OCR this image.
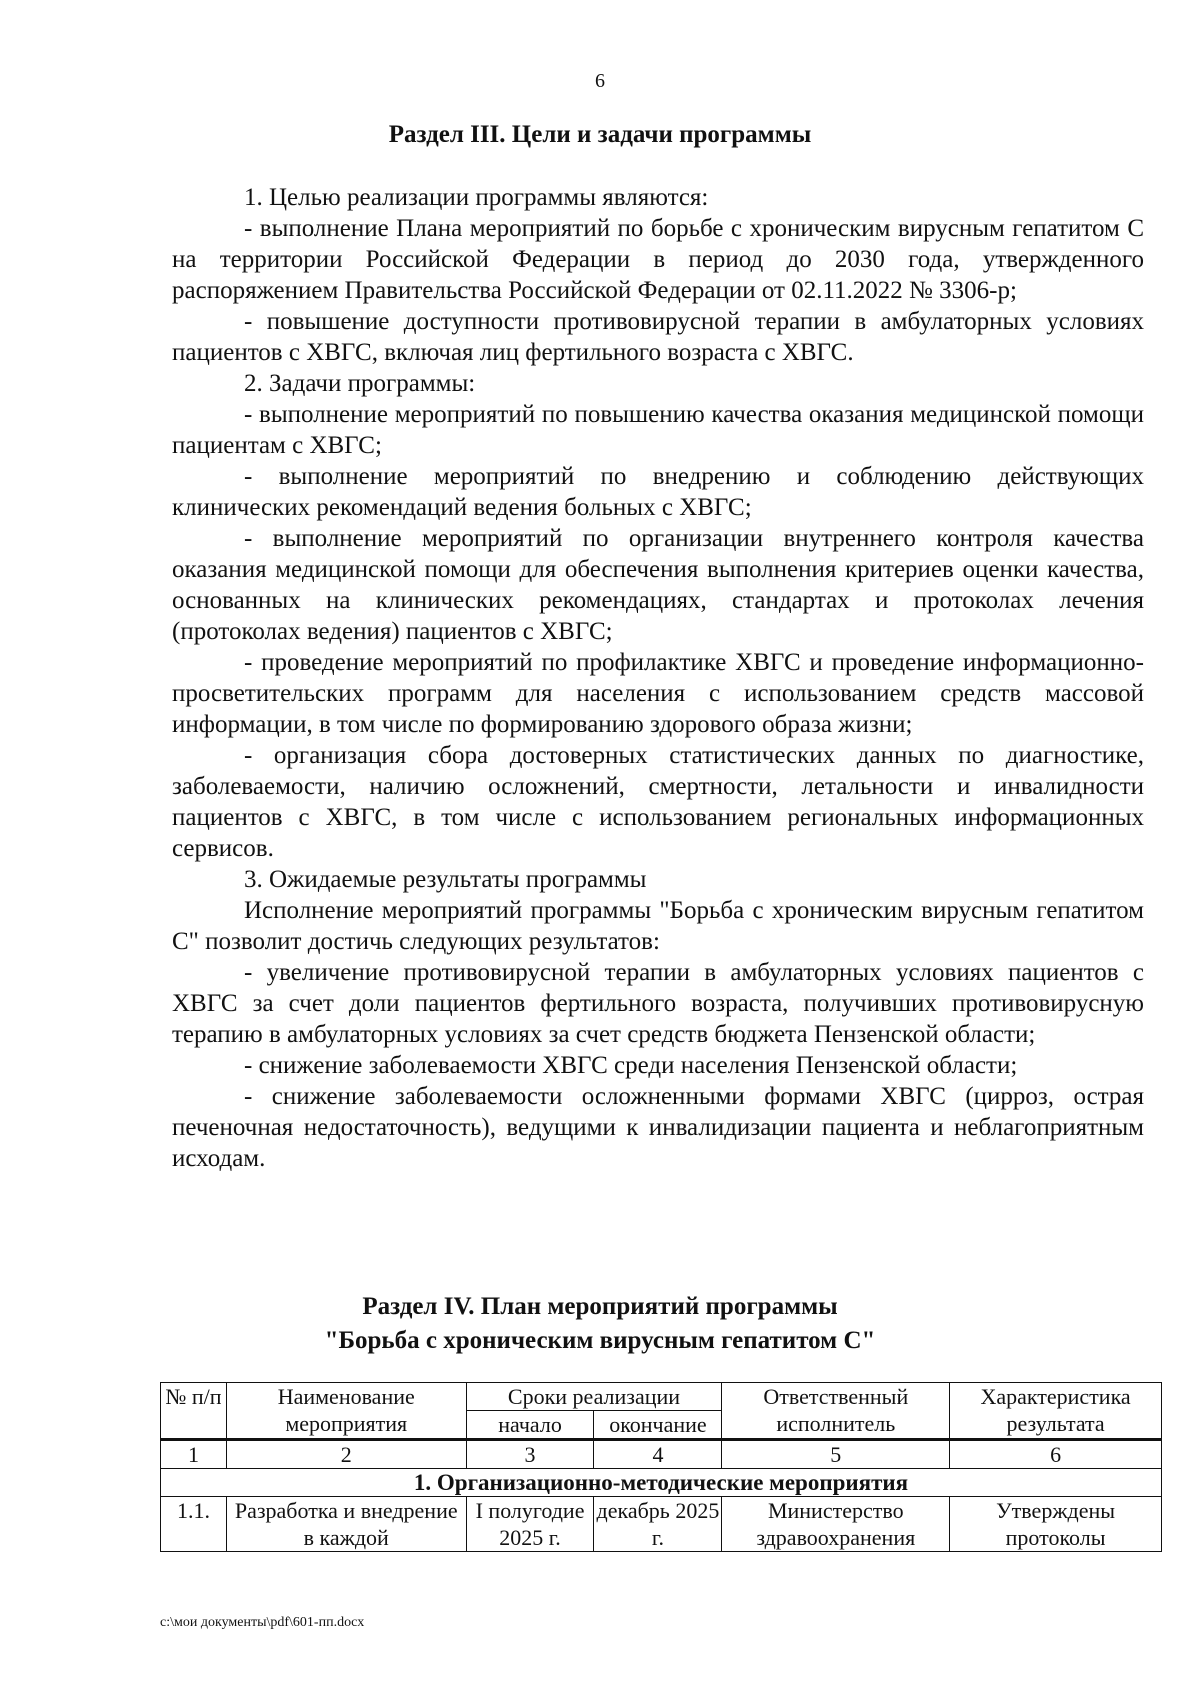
6
Раздел III. Цели и задачи программы

1. Целью реализации программы являются:

- выполнение Плана мероприятий по борьбе с хроническим вирусным гепатитом С на территории Российской Федерации в период до 2030 года, утвержденного распоряжением Правительства Российской Федерации от 02.11.2022 № 3306-р;

- повышение доступности противовирусной терапии в амбулаторных условиях пациентов с ХВГС, включая лиц фертильного возраста с ХВГС.

2. Задачи программы:

- выполнение мероприятий по повышению качества оказания медицинской помощи пациентам с ХВГС;

- выполнение мероприятий по внедрению и соблюдению действующих клинических рекомендаций ведения больных с ХВГС;

- выполнение мероприятий по организации внутреннего контроля качества оказания медицинской помощи для обеспечения выполнения критериев оценки качества, основанных на клинических рекомендациях, стандартах и протоколах лечения (протоколах ведения) пациентов с ХВГС;

- проведение мероприятий по профилактике ХВГС и проведение информационно-просветительских программ для населения с использованием средств массовой информации, в том числе по формированию здорового образа жизни;

- организация сбора достоверных статистических данных по диагностике, заболеваемости, наличию осложнений, смертности, летальности и инвалидности пациентов с ХВГС, в том числе с использованием региональных информационных сервисов.

3. Ожидаемые результаты программы

Исполнение мероприятий программы "Борьба с хроническим вирусным гепатитом С" позволит достичь следующих результатов:

- увеличение противовирусной терапии в амбулаторных условиях пациентов с ХВГС за счет доли пациентов фертильного возраста, получивших противовирусную терапию в амбулаторных условиях за счет средств бюджета Пензенской области;

- снижение заболеваемости ХВГС среди населения Пензенской области;

- снижение заболеваемости осложненными формами ХВГС (цирроз, острая печеночная недостаточность), ведущими к инвалидизации пациента и неблагоприятным исходам.

Раздел IV. План мероприятий программы
"Борьба с хроническим вирусным гепатитом С"
№ п/п	Наименование мероприятия	Сроки реализации		Ответственный исполнитель	Характеристика результата
		начало	окончание		
1	2	3	4	5	6
1. Организационно-методические мероприятия					
1.1.	Разработка и внедрение в каждой	I полугодие 2025 г.	декабрь 2025 г.	Министерство здравоохранения	Утверждены протоколы
c:\мои документы\pdf\601-пп.docx
